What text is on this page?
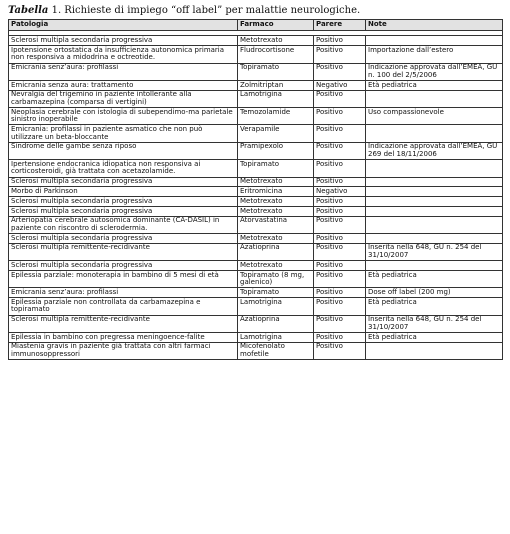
Tabella 1. Richieste di impiego “off label” per malattie neurologiche.
Patologia	Farmaco	Parere	Note

Sclerosi multipla secondaria progressiva	Metotrexato	Positivo	
Ipotensione ortostatica da insufficienza autonomica primaria non responsiva a midodrina e octreotide.	Fludrocortisone	Positivo	Importazione dall’estero
Emicrania senz’aura: profilassi	Topiramato	Positivo	Indicazione approvata dall’EMEA, GU n. 100 del 2/5/2006
Emicrania senza aura: trattamento	Zolmitriptan	Negativo	Età pediatrica
Nevralgia del trigemino in paziente intollerante alla carbamazepina (comparsa di vertigini)	Lamotrigina	Positivo	
Neoplasia cerebrale con istologia di subependimo-ma parietale sinistro inoperabile	Temozolamide	Positivo	Uso compassionevole
Emicrania: profilassi in paziente asmatico che non può utilizzare un beta-bloccante	Verapamile	Positivo	
Sindrome delle gambe senza riposo	Pramipexolo	Positivo	Indicazione approvata dall’EMEA, GU 269 del 18/11/2006
Ipertensione endocranica idiopatica non responsiva ai corticosteroidi, già trattata con acetazolamide.	Topiramato	Positivo	
Sclerosi multipla secondaria progressiva	Metotrexato	Positivo	
Morbo di Parkinson	Eritromicina	Negativo	
Sclerosi multipla secondaria progressiva	Metotrexato	Positivo	
Sclerosi multipla secondaria progressiva	Metotrexato	Positivo	
Arteriopatia cerebrale autosomica dominante (CA-DASIL) in paziente con riscontro di sclerodermia.	Atorvastatina	Positivo	
Sclerosi multipla secondaria progressiva	Metotrexato	Positivo	
Sclerosi multipla remittente-recidivante	Azatioprina	Positivo	Inserita nella 648, GU n. 254 del 31/10/2007
Sclerosi multipla secondaria progressiva	Metotrexato	Positivo	
Epilessia parziale: monoterapia in bambino di 5 mesi di età	Topiramato (8 mg, galenico)	Positivo	Età pediatrica
Emicrania senz’aura: profilassi	Topiramato	Positivo	Dose off label (200 mg)
Epilessia parziale non controllata da carbamazepina e topiramato	Lamotrigina	Positivo	Età pediatrica
Sclerosi multipla remittente-recidivante	Azatioprina	Positivo	Inserita nella 648, GU n. 254 del 31/10/2007
Epilessia in bambino con pregressa meningoence-falite	Lamotrigina	Positivo	Età pediatrica
Miastenia gravis in paziente già trattata con altri farmaci immunosoppressori	Micofenolato mofetile	Positivo	
